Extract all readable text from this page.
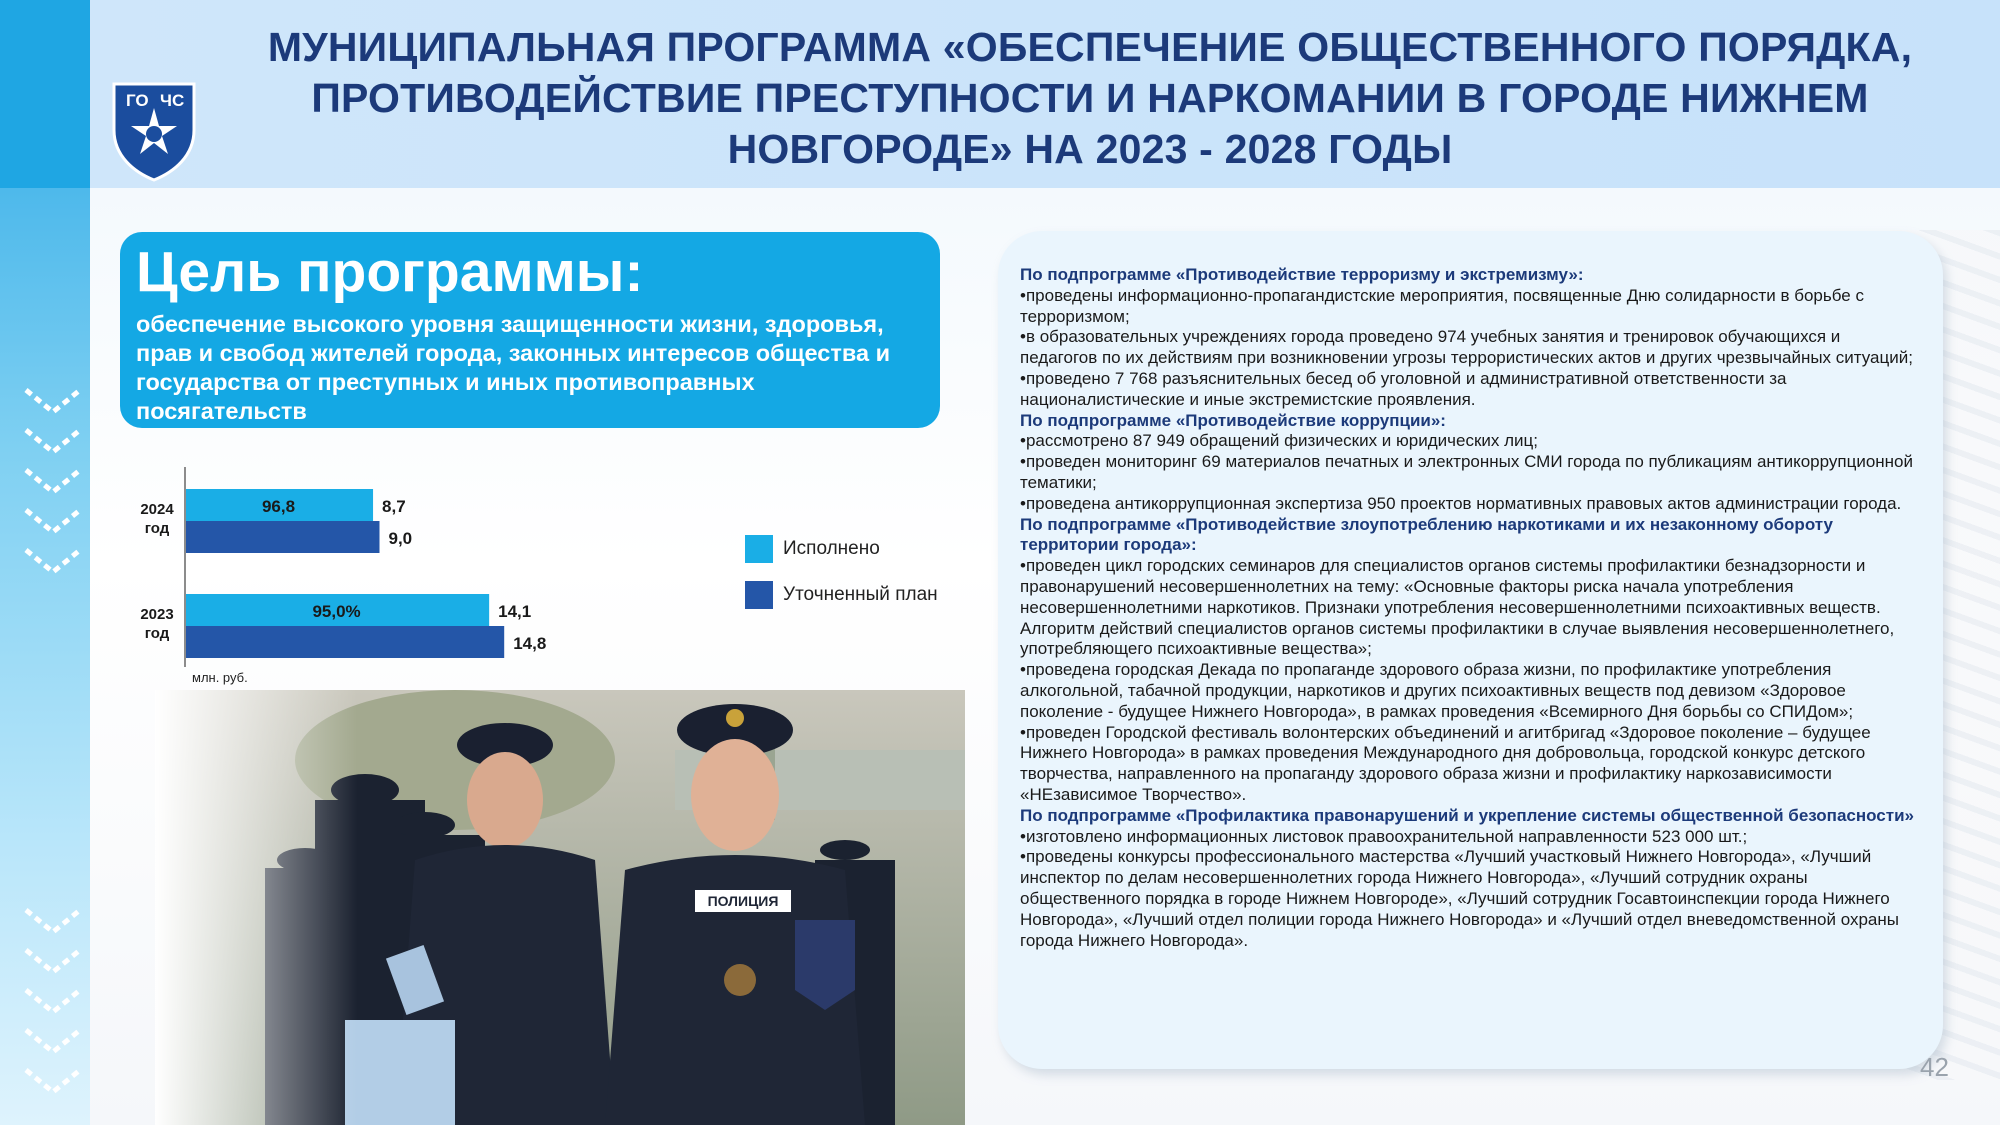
ГО ЧС
МУНИЦИПАЛЬНАЯ ПРОГРАММА «ОБЕСПЕЧЕНИЕ ОБЩЕСТВЕННОГО ПОРЯДКА, ПРОТИВОДЕЙСТВИЕ ПРЕСТУПНОСТИ И НАРКОМАНИИ В ГОРОДЕ НИЖНЕМ НОВГОРОДЕ» НА 2023 - 2028 ГОДЫ
Цель программы:
обеспечение высокого уровня защищенности жизни, здоровья, прав и свобод жителей города, законных интересов общества и государства от преступных и иных противоправных посягательств
2024 год
8,7
9,0
96,8
2023 год
14,1
14,8
95,0%
млн. руб.
Исполнено
Уточненный план
По подпрограмме «Противодействие терроризму и экстремизму»:
•проведены информационно-пропагандистские мероприятия, посвященные Дню солидарности в борьбе с терроризмом;
•в образовательных учреждениях города проведено 974 учебных занятия и тренировок обучающихся и педагогов по их действиям при возникновении угрозы террористических актов и других чрезвычайных ситуаций;
•проведено 7 768 разъяснительных бесед об уголовной и административной ответственности за националистические и иные экстремистские проявления.
По подпрограмме «Противодействие коррупции»:
•рассмотрено 87 949 обращений физических и юридических лиц;
•проведен мониторинг 69 материалов печатных и электронных СМИ города по публикациям антикоррупционной тематики;
•проведена антикоррупционная экспертиза 950 проектов нормативных правовых актов администрации города.
По подпрограмме «Противодействие злоупотреблению наркотиками и их незаконному обороту территории города»:
•проведен цикл городских семинаров для специалистов органов системы профилактики безнадзорности и правонарушений несовершеннолетних на тему: «Основные факторы риска начала употребления несовершеннолетними наркотиков. Признаки употребления несовершеннолетними психоактивных веществ. Алгоритм действий специалистов органов системы профилактики в случае выявления несовершеннолетнего, употребляющего психоактивные вещества»;
•проведена городская Декада по пропаганде здорового образа жизни, по профилактике употребления алкогольной, табачной продукции, наркотиков и других психоактивных веществ под девизом «Здоровое поколение - будущее Нижнего Новгорода», в рамках проведения «Всемирного Дня борьбы со СПИДом»;
•проведен Городской фестиваль волонтерских объединений и агитбригад «Здоровое поколение – будущее Нижнего Новгорода» в рамках проведения Международного дня добровольца, городской конкурс детского творчества, направленного на пропаганду здорового образа жизни и профилактику наркозависимости «НЕзависимое Творчество».
По подпрограмме «Профилактика правонарушений и укрепление системы общественной безопасности»
•изготовлено информационных листовок правоохранительной направленности 523 000 шт.;
•проведены конкурсы профессионального мастерства «Лучший участковый Нижнего Новгорода», «Лучший инспектор по делам несовершеннолетних города Нижнего Новгорода», «Лучший сотрудник охраны общественного порядка в городе Нижнем Новгороде», «Лучший сотрудник Госавтоинспекции города Нижнего Новгорода», «Лучший отдел полиции города Нижнего Новгорода» и «Лучший отдел вневедомственной охраны города Нижнего Новгорода».
42
